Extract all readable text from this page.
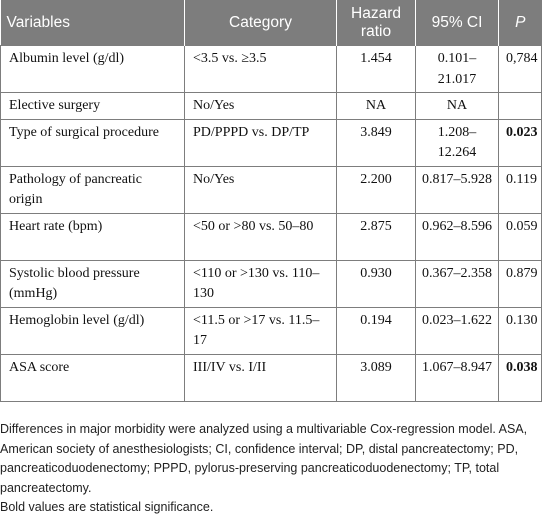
Variables	Category	Hazard ratio	95% CI	P
Albumin level (g/dl)	<3.5 vs. ≥3.5	1.454	0.101–21.017	0,784
Elective surgery	No/Yes	NA	NA	
Type of surgical procedure	PD/PPPD vs. DP/TP	3.849	1.208–12.264	0.023
Pathology of pancreatic origin	No/Yes	2.200	0.817–5.928	0.119
Heart rate (bpm)	<50 or >80 vs. 50–80	2.875	0.962–8.596	0.059
Systolic blood pressure (mmHg)	<110 or >130 vs. 110–130	0.930	0.367–2.358	0.879
Hemoglobin level (g/dl)	<11.5 or >17 vs. 11.5–17	0.194	0.023–1.622	0.130
ASA score	III/IV vs. I/II	3.089	1.067–8.947	0.038

Differences in major morbidity were analyzed using a multivariable Cox-regression model. ASA, American society of anesthesiologists; CI, confidence interval; DP, distal pancreatectomy; PD, pancreaticoduodenectomy; PPPD, pylorus-preserving pancreaticoduodenectomy; TP, total pancreatectomy.

Bold values are statistical significance.
